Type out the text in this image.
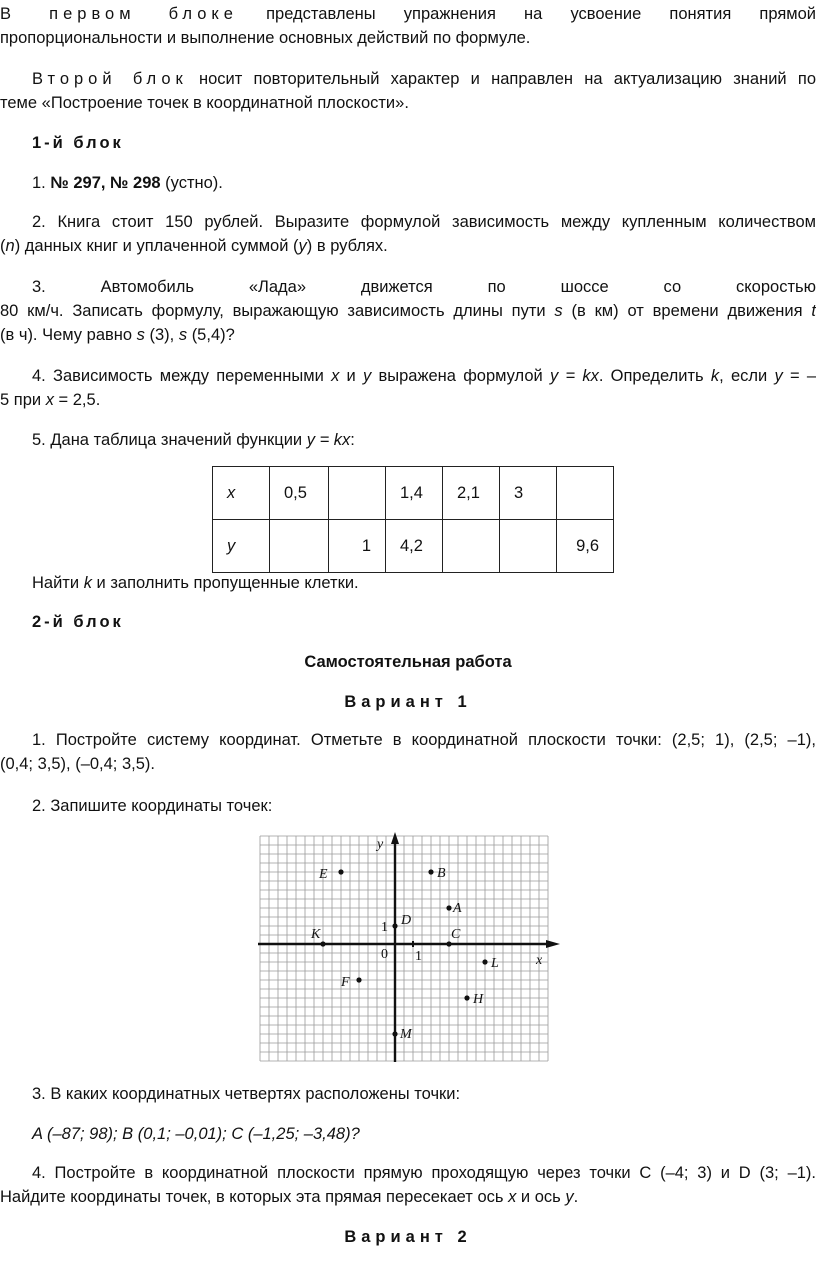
В первом блоке представлены упражнения на усвоение понятия прямой
пропорциональности и выполнение основных действий по формуле.
Второй блок носит повторительный характер и направлен на актуализацию знаний по
теме «Построение точек в координатной плоскости».
1-й блок
1. № 297, № 298 (устно).
2. Книга стоит 150 рублей. Выразите формулой зависимость между купленным количеством
(n) данных книг и уплаченной суммой (y) в рублях.
3. Автомобиль «Лада» движется по шоссе со скоростью
80 км/ч. Записать формулу, выражающую зависимость длины пути s (в км) от времени движения t
(в ч). Чему равно s (3), s (5,4)?
4. Зависимость между переменными x и y выражена формулой y = kx. Определить k, если y = –
5 при x = 2,5.
5. Дана таблица значений функции y = kx:
x	0,5		1,4	2,1	3	
y		1	4,2			9,6
Найти k и заполнить пропущенные клетки.
2-й блок
Самостоятельная работа
Вариант 1
1. Постройте систему координат. Отметьте в координатной плоскости точки: (2,5; 1), (2,5; –1),
(0,4; 3,5), (–0,4; 3,5).
2. Запишите координаты точек:
x
y
0 1
1
E	B
A
D
K	C
L
F
H
M
3. В каких координатных четвертях расположены точки:
A (–87; 98); B (0,1; –0,01); C (–1,25; –3,48)?
4. Постройте в координатной плоскости прямую проходящую через точки C (–4; 3) и D (3; –1).
Найдите координаты точек, в которых эта прямая пересекает ось x и ось y.
Вариант 2
